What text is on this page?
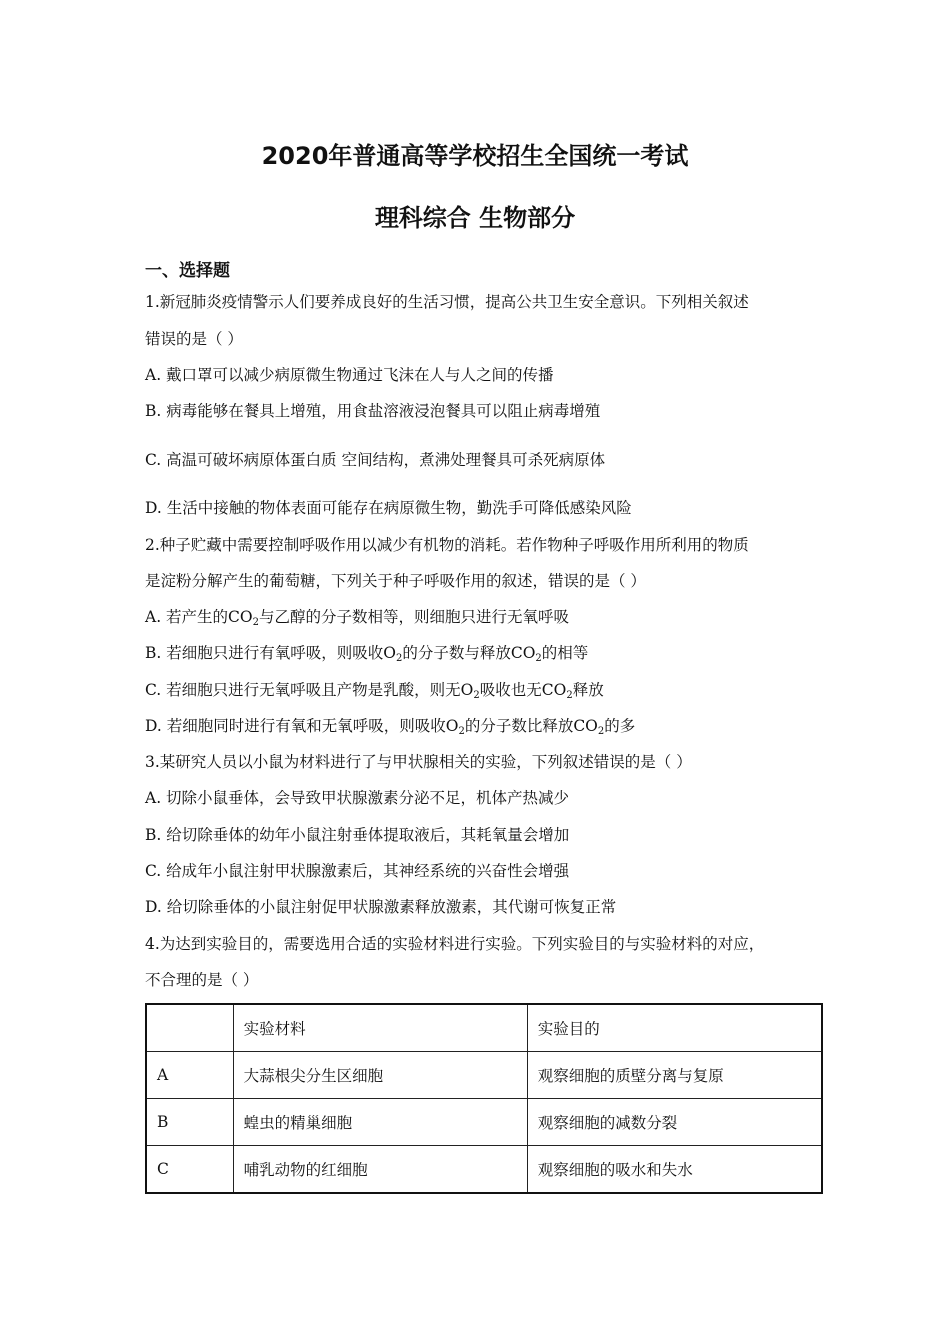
2020年普通高等学校招生全国统一考试
理科综合 生物部分
一、选择题
1.新冠肺炎疫情警示人们要养成良好的生活习惯，提高公共卫生安全意识。下列相关叙述
错误的是（ ）
A. 戴口罩可以减少病原微生物通过飞沫在人与人之间的传播
B. 病毒能够在餐具上增殖，用食盐溶液浸泡餐具可以阻止病毒增殖
C. 高温可破坏病原体蛋白质 空间结构，煮沸处理餐具可杀死病原体
D. 生活中接触的物体表面可能存在病原微生物，勤洗手可降低感染风险
2.种子贮藏中需要控制呼吸作用以减少有机物的消耗。若作物种子呼吸作用所利用的物质
是淀粉分解产生的葡萄糖，下列关于种子呼吸作用的叙述，错误的是（ ）
A. 若产生的$CO_2$与乙醇的分子数相等，则细胞只进行无氧呼吸
B. 若细胞只进行有氧呼吸，则吸收$O_2$的分子数与释放$CO_2$的相等
C. 若细胞只进行无氧呼吸且产物是乳酸，则无$O_2$吸收也无$CO_2$释放
D. 若细胞同时进行有氧和无氧呼吸，则吸收$O_2$的分子数比释放$CO_2$的多
3.某研究人员以小鼠为材料进行了与甲状腺相关的实验，下列叙述错误的是（ ）
A. 切除小鼠垂体，会导致甲状腺激素分泌不足，机体产热减少
B. 给切除垂体的幼年小鼠注射垂体提取液后，其耗氧量会增加
C. 给成年小鼠注射甲状腺激素后，其神经系统的兴奋性会增强
D. 给切除垂体的小鼠注射促甲状腺激素释放激素，其代谢可恢复正常
4.为达到实验目的，需要选用合适的实验材料进行实验。下列实验目的与实验材料的对应，
不合理的是（ ）
	实验材料	实验目的
A	大蒜根尖分生区细胞	观察细胞的质壁分离与复原
B	蝗虫的精巢细胞	观察细胞的减数分裂
C	哺乳动物的红细胞	观察细胞的吸水和失水
